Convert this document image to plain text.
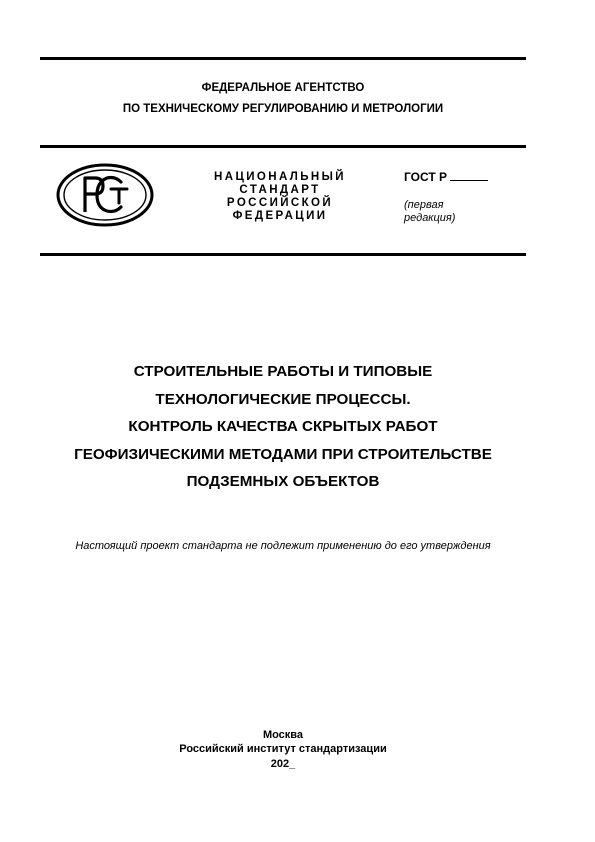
ФЕДЕРАЛЬНОЕ АГЕНТСТВО
ПО ТЕХНИЧЕСКОМУ РЕГУЛИРОВАНИЮ И МЕТРОЛОГИИ
НАЦИОНАЛЬНЫЙ
СТАНДАРТ
РОССИЙСКОЙ
ФЕДЕРАЦИИ
ГОСТ Р
(первая
редакция)
СТРОИТЕЛЬНЫЕ РАБОТЫ И ТИПОВЫЕ
ТЕХНОЛОГИЧЕСКИЕ ПРОЦЕССЫ.
КОНТРОЛЬ КАЧЕСТВА СКРЫТЫХ РАБОТ
ГЕОФИЗИЧЕСКИМИ МЕТОДАМИ ПРИ СТРОИТЕЛЬСТВЕ
ПОДЗЕМНЫХ ОБЪЕКТОВ
Настоящий проект стандарта не подлежит применению до его утверждения
Москва
Российский институт стандартизации
202_
